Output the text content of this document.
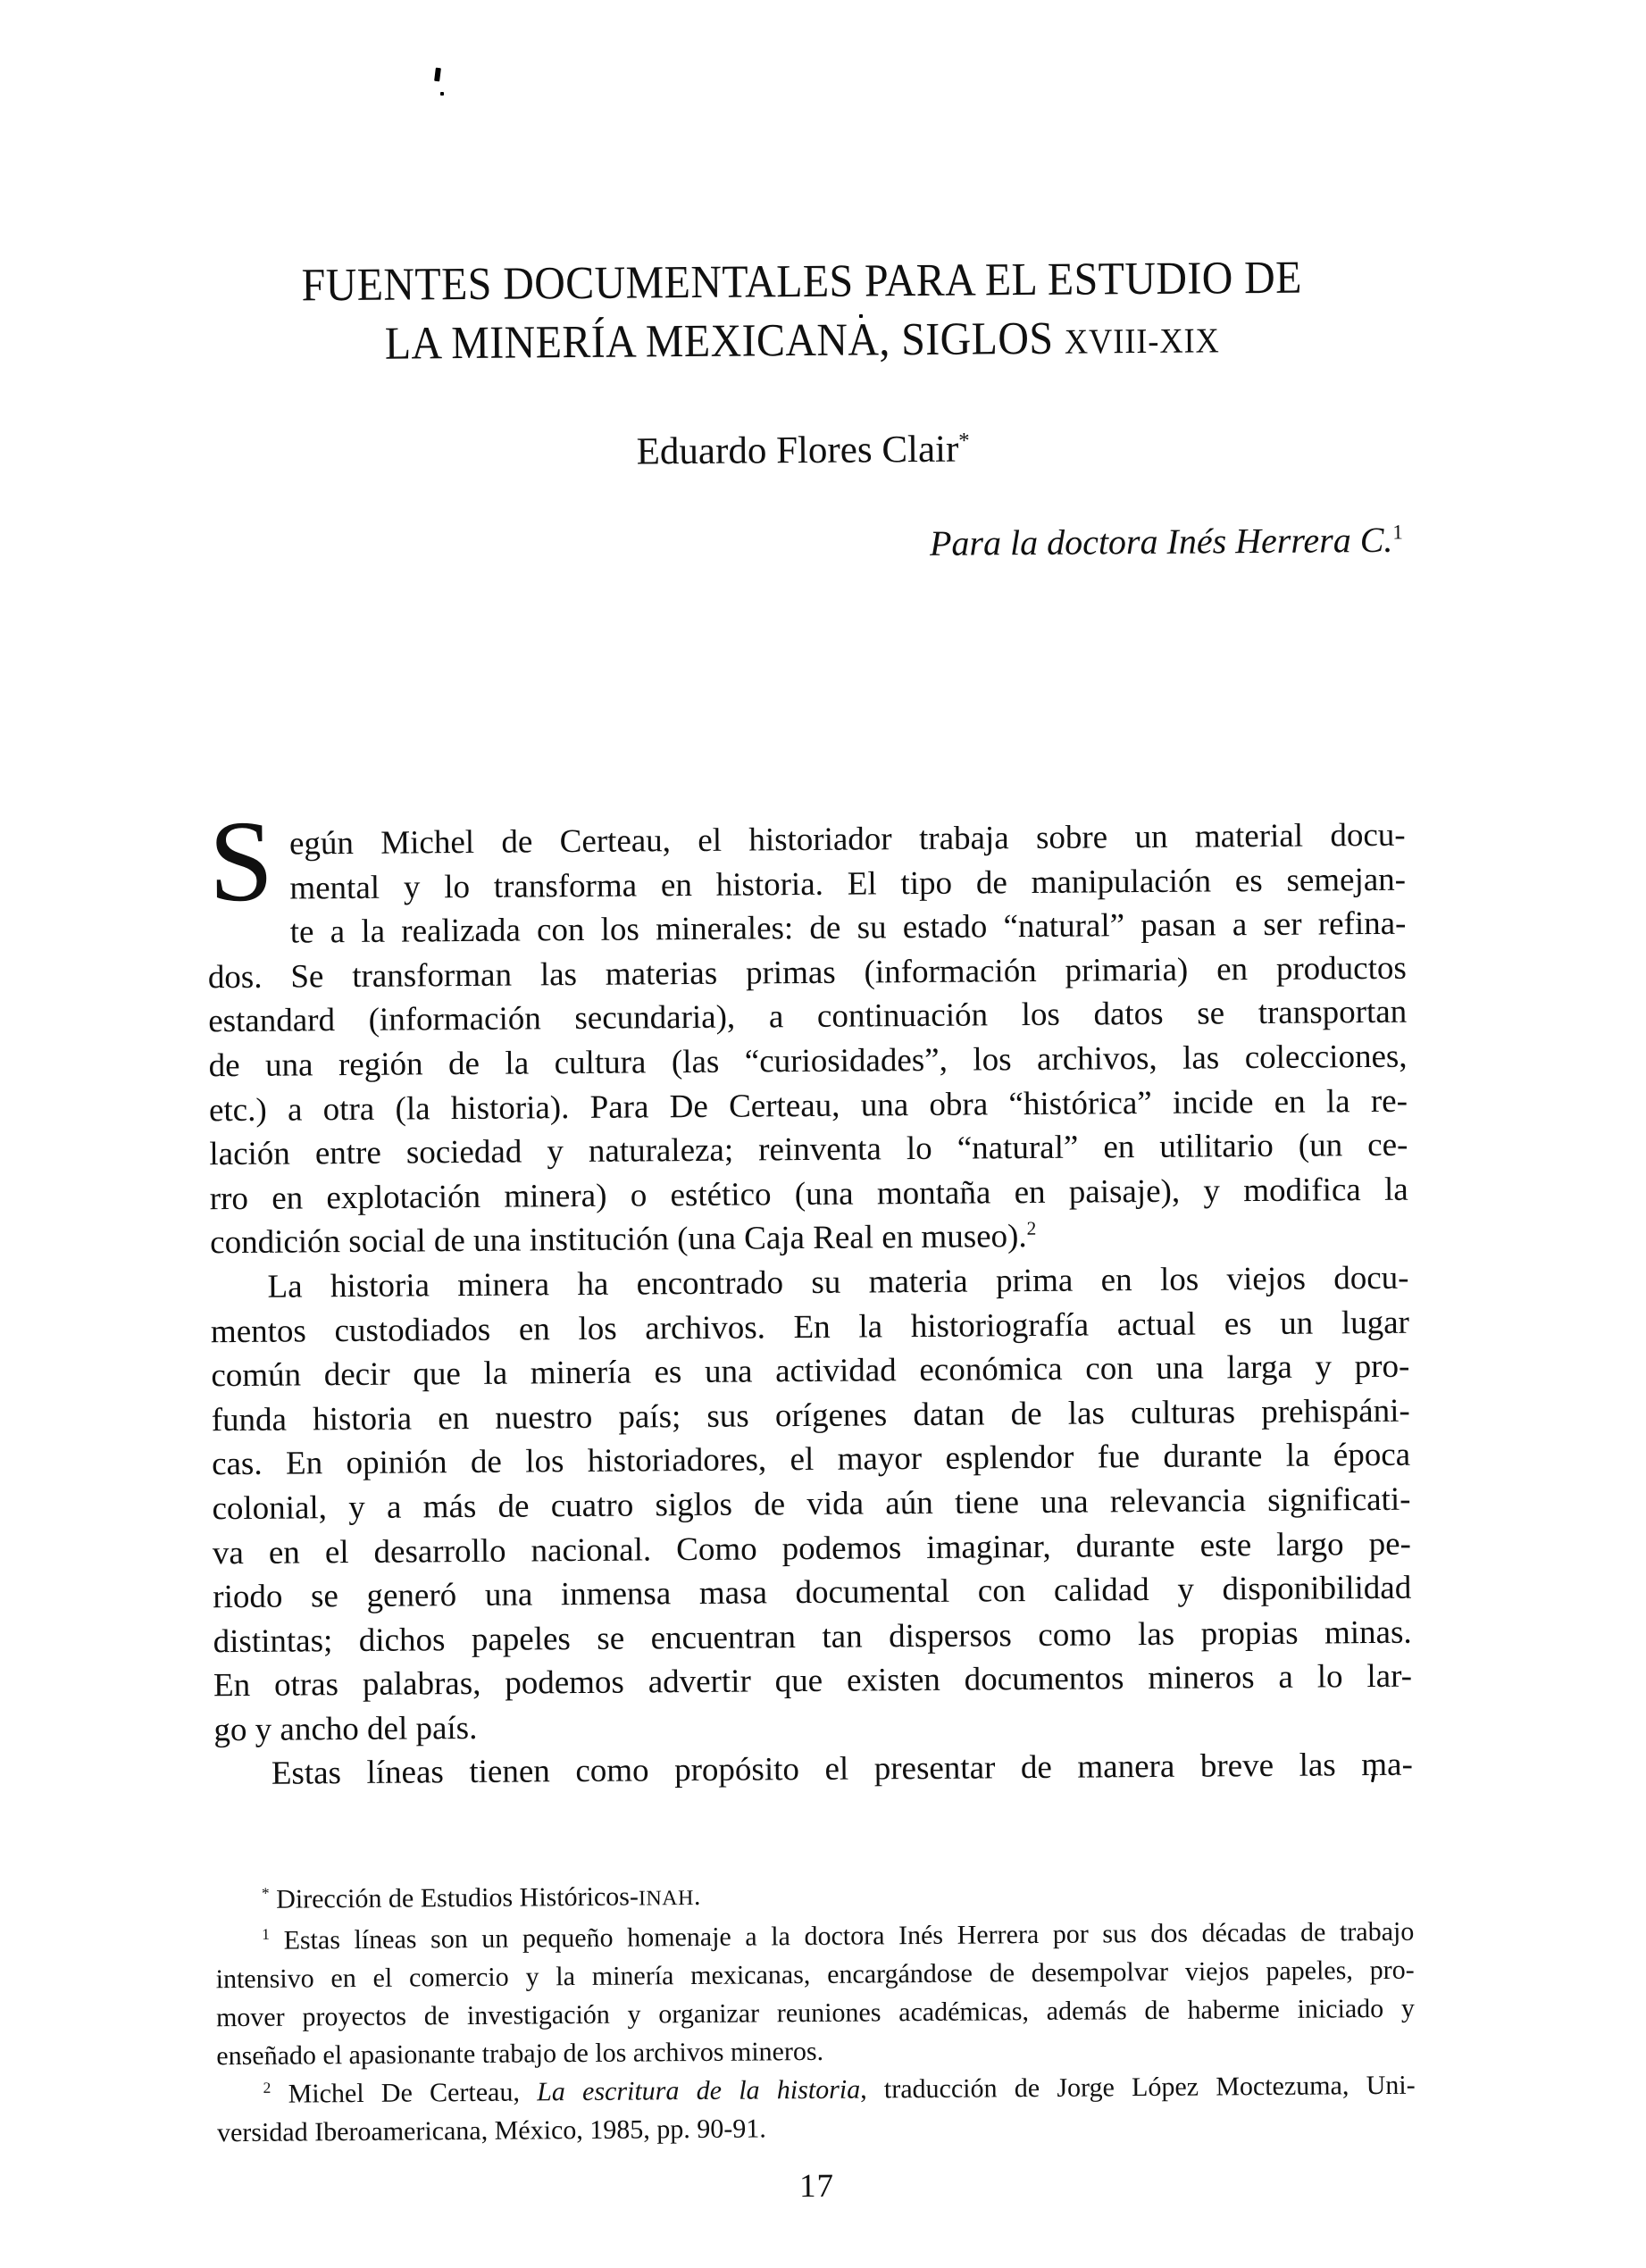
FUENTES DOCUMENTALES PARA EL ESTUDIO DE
LA MINERÍA MEXICANA, SIGLOS XVIII-XIX
Eduardo Flores Clair*
Para la doctora Inés Herrera C.$^1$
S egún Michel de Certeau, el historiador trabaja sobre un material docu-
mental y lo transforma en historia. El tipo de manipulación es semejan-
te a la realizada con los minerales: de su estado “natural” pasan a ser refina-
dos. Se transforman las materias primas (información primaria) en productos
estandard (información secundaria), a continuación los datos se transportan
de una región de la cultura (las “curiosidades”, los archivos, las colecciones,
etc.) a otra (la historia). Para De Certeau, una obra “histórica” incide en la re-
lación entre sociedad y naturaleza; reinventa lo “natural” en utilitario (un ce-
rro en explotación minera) o estético (una montaña en paisaje), y modifica la
condición social de una institución (una Caja Real en museo).$^2$
La historia minera ha encontrado su materia prima en los viejos docu-
mentos custodiados en los archivos. En la historiografía actual es un lugar
común decir que la minería es una actividad económica con una larga y pro-
funda historia en nuestro país; sus orígenes datan de las culturas prehispáni-
cas. En opinión de los historiadores, el mayor esplendor fue durante la época
colonial, y a más de cuatro siglos de vida aún tiene una relevancia significati-
va en el desarrollo nacional. Como podemos imaginar, durante este largo pe-
riodo se generó una inmensa masa documental con calidad y disponibilidad
distintas; dichos papeles se encuentran tan dispersos como las propias minas.
En otras palabras, podemos advertir que existen documentos mineros a lo lar-
go y ancho del país.
Estas líneas tienen como propósito el presentar de manera breve las ma-
* Dirección de Estudios Históricos-INAH.
$^1$ Estas líneas son un pequeño homenaje a la doctora Inés Herrera por sus dos décadas de trabajo
intensivo en el comercio y la minería mexicanas, encargándose de desempolvar viejos papeles, pro-
mover proyectos de investigación y organizar reuniones académicas, además de haberme iniciado y
enseñado el apasionante trabajo de los archivos mineros.
$^2$ Michel De Certeau, La escritura de la historia, traducción de Jorge López Moctezuma, Uni-
versidad Iberoamericana, México, 1985, pp. 90-91.
17
